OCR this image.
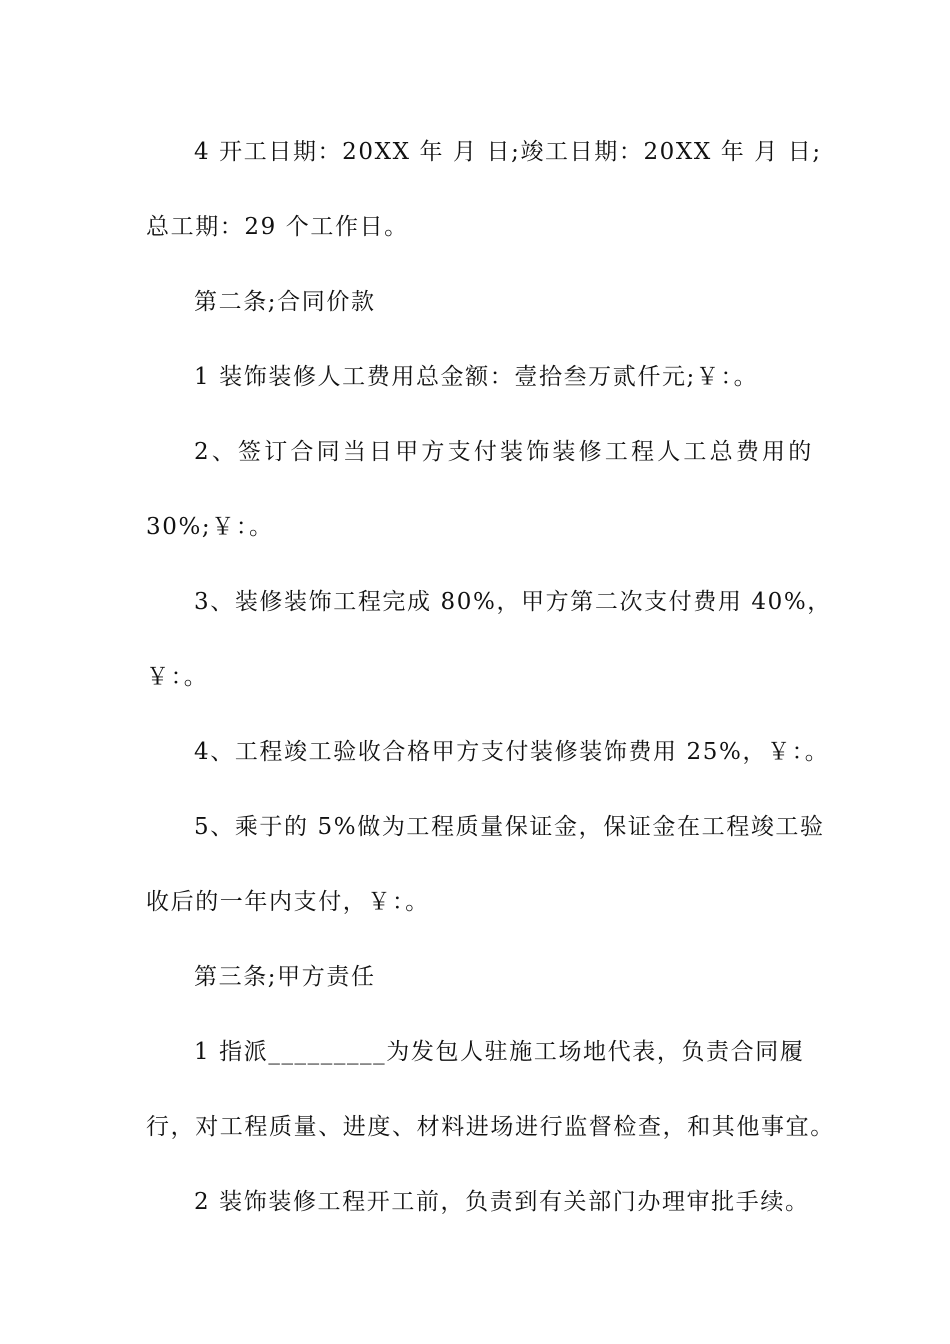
4 开工日期：20XX 年 月 日;竣工日期：20XX 年 月 日;
总工期：29 个工作日。
第二条;合同价款
1 装饰装修人工费用总金额：壹拾叁万贰仟元;￥：。
2、签订合同当日甲方支付装饰装修工程人工总费用的
30%;￥：。
3、装修装饰工程完成 80%，甲方第二次支付费用 40%，
￥：。
4、工程竣工验收合格甲方支付装修装饰费用 25%，￥：。
5、乘于的 5%做为工程质量保证金，保证金在工程竣工验
收后的一年内支付，￥：。
第三条;甲方责任
1 指派_________为发包人驻施工场地代表，负责合同履
行，对工程质量、进度、材料进场进行监督检查，和其他事宜。
2 装饰装修工程开工前，负责到有关部门办理审批手续。
